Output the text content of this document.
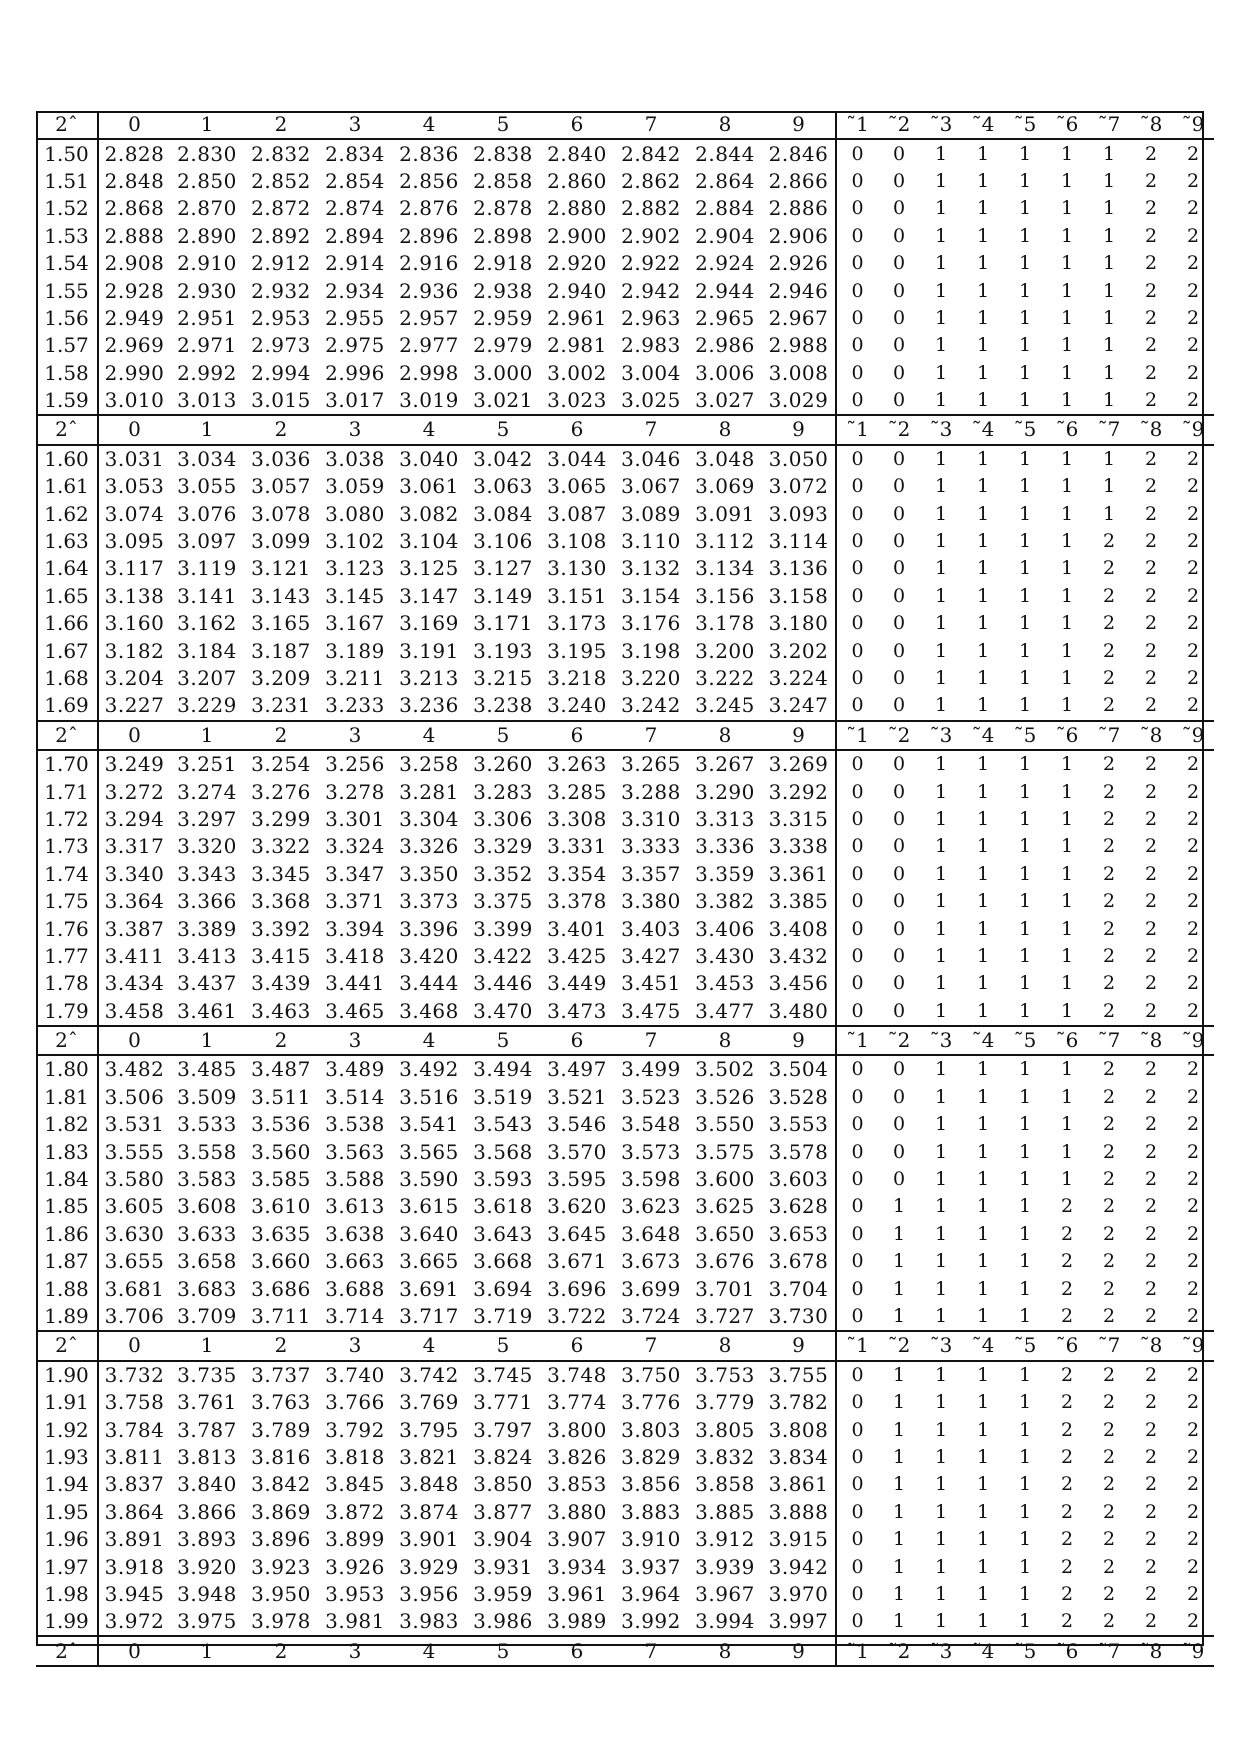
2ˆ	0	1	2	3	4	5	6	7	8	9	˜1	˜2	˜3	˜4	˜5	˜6	˜7	˜8	˜9
1.50	2.828	2.830	2.832	2.834	2.836	2.838	2.840	2.842	2.844	2.846	0	0	1	1	1	1	1	2	2
1.51	2.848	2.850	2.852	2.854	2.856	2.858	2.860	2.862	2.864	2.866	0	0	1	1	1	1	1	2	2
1.52	2.868	2.870	2.872	2.874	2.876	2.878	2.880	2.882	2.884	2.886	0	0	1	1	1	1	1	2	2
1.53	2.888	2.890	2.892	2.894	2.896	2.898	2.900	2.902	2.904	2.906	0	0	1	1	1	1	1	2	2
1.54	2.908	2.910	2.912	2.914	2.916	2.918	2.920	2.922	2.924	2.926	0	0	1	1	1	1	1	2	2
1.55	2.928	2.930	2.932	2.934	2.936	2.938	2.940	2.942	2.944	2.946	0	0	1	1	1	1	1	2	2
1.56	2.949	2.951	2.953	2.955	2.957	2.959	2.961	2.963	2.965	2.967	0	0	1	1	1	1	1	2	2
1.57	2.969	2.971	2.973	2.975	2.977	2.979	2.981	2.983	2.986	2.988	0	0	1	1	1	1	1	2	2
1.58	2.990	2.992	2.994	2.996	2.998	3.000	3.002	3.004	3.006	3.008	0	0	1	1	1	1	1	2	2
1.59	3.010	3.013	3.015	3.017	3.019	3.021	3.023	3.025	3.027	3.029	0	0	1	1	1	1	1	2	2
2ˆ	0	1	2	3	4	5	6	7	8	9	˜1	˜2	˜3	˜4	˜5	˜6	˜7	˜8	˜9
1.60	3.031	3.034	3.036	3.038	3.040	3.042	3.044	3.046	3.048	3.050	0	0	1	1	1	1	1	2	2
1.61	3.053	3.055	3.057	3.059	3.061	3.063	3.065	3.067	3.069	3.072	0	0	1	1	1	1	1	2	2
1.62	3.074	3.076	3.078	3.080	3.082	3.084	3.087	3.089	3.091	3.093	0	0	1	1	1	1	1	2	2
1.63	3.095	3.097	3.099	3.102	3.104	3.106	3.108	3.110	3.112	3.114	0	0	1	1	1	1	2	2	2
1.64	3.117	3.119	3.121	3.123	3.125	3.127	3.130	3.132	3.134	3.136	0	0	1	1	1	1	2	2	2
1.65	3.138	3.141	3.143	3.145	3.147	3.149	3.151	3.154	3.156	3.158	0	0	1	1	1	1	2	2	2
1.66	3.160	3.162	3.165	3.167	3.169	3.171	3.173	3.176	3.178	3.180	0	0	1	1	1	1	2	2	2
1.67	3.182	3.184	3.187	3.189	3.191	3.193	3.195	3.198	3.200	3.202	0	0	1	1	1	1	2	2	2
1.68	3.204	3.207	3.209	3.211	3.213	3.215	3.218	3.220	3.222	3.224	0	0	1	1	1	1	2	2	2
1.69	3.227	3.229	3.231	3.233	3.236	3.238	3.240	3.242	3.245	3.247	0	0	1	1	1	1	2	2	2
2ˆ	0	1	2	3	4	5	6	7	8	9	˜1	˜2	˜3	˜4	˜5	˜6	˜7	˜8	˜9
1.70	3.249	3.251	3.254	3.256	3.258	3.260	3.263	3.265	3.267	3.269	0	0	1	1	1	1	2	2	2
1.71	3.272	3.274	3.276	3.278	3.281	3.283	3.285	3.288	3.290	3.292	0	0	1	1	1	1	2	2	2
1.72	3.294	3.297	3.299	3.301	3.304	3.306	3.308	3.310	3.313	3.315	0	0	1	1	1	1	2	2	2
1.73	3.317	3.320	3.322	3.324	3.326	3.329	3.331	3.333	3.336	3.338	0	0	1	1	1	1	2	2	2
1.74	3.340	3.343	3.345	3.347	3.350	3.352	3.354	3.357	3.359	3.361	0	0	1	1	1	1	2	2	2
1.75	3.364	3.366	3.368	3.371	3.373	3.375	3.378	3.380	3.382	3.385	0	0	1	1	1	1	2	2	2
1.76	3.387	3.389	3.392	3.394	3.396	3.399	3.401	3.403	3.406	3.408	0	0	1	1	1	1	2	2	2
1.77	3.411	3.413	3.415	3.418	3.420	3.422	3.425	3.427	3.430	3.432	0	0	1	1	1	1	2	2	2
1.78	3.434	3.437	3.439	3.441	3.444	3.446	3.449	3.451	3.453	3.456	0	0	1	1	1	1	2	2	2
1.79	3.458	3.461	3.463	3.465	3.468	3.470	3.473	3.475	3.477	3.480	0	0	1	1	1	1	2	2	2
2ˆ	0	1	2	3	4	5	6	7	8	9	˜1	˜2	˜3	˜4	˜5	˜6	˜7	˜8	˜9
1.80	3.482	3.485	3.487	3.489	3.492	3.494	3.497	3.499	3.502	3.504	0	0	1	1	1	1	2	2	2
1.81	3.506	3.509	3.511	3.514	3.516	3.519	3.521	3.523	3.526	3.528	0	0	1	1	1	1	2	2	2
1.82	3.531	3.533	3.536	3.538	3.541	3.543	3.546	3.548	3.550	3.553	0	0	1	1	1	1	2	2	2
1.83	3.555	3.558	3.560	3.563	3.565	3.568	3.570	3.573	3.575	3.578	0	0	1	1	1	1	2	2	2
1.84	3.580	3.583	3.585	3.588	3.590	3.593	3.595	3.598	3.600	3.603	0	0	1	1	1	1	2	2	2
1.85	3.605	3.608	3.610	3.613	3.615	3.618	3.620	3.623	3.625	3.628	0	1	1	1	1	2	2	2	2
1.86	3.630	3.633	3.635	3.638	3.640	3.643	3.645	3.648	3.650	3.653	0	1	1	1	1	2	2	2	2
1.87	3.655	3.658	3.660	3.663	3.665	3.668	3.671	3.673	3.676	3.678	0	1	1	1	1	2	2	2	2
1.88	3.681	3.683	3.686	3.688	3.691	3.694	3.696	3.699	3.701	3.704	0	1	1	1	1	2	2	2	2
1.89	3.706	3.709	3.711	3.714	3.717	3.719	3.722	3.724	3.727	3.730	0	1	1	1	1	2	2	2	2
2ˆ	0	1	2	3	4	5	6	7	8	9	˜1	˜2	˜3	˜4	˜5	˜6	˜7	˜8	˜9
1.90	3.732	3.735	3.737	3.740	3.742	3.745	3.748	3.750	3.753	3.755	0	1	1	1	1	2	2	2	2
1.91	3.758	3.761	3.763	3.766	3.769	3.771	3.774	3.776	3.779	3.782	0	1	1	1	1	2	2	2	2
1.92	3.784	3.787	3.789	3.792	3.795	3.797	3.800	3.803	3.805	3.808	0	1	1	1	1	2	2	2	2
1.93	3.811	3.813	3.816	3.818	3.821	3.824	3.826	3.829	3.832	3.834	0	1	1	1	1	2	2	2	2
1.94	3.837	3.840	3.842	3.845	3.848	3.850	3.853	3.856	3.858	3.861	0	1	1	1	1	2	2	2	2
1.95	3.864	3.866	3.869	3.872	3.874	3.877	3.880	3.883	3.885	3.888	0	1	1	1	1	2	2	2	2
1.96	3.891	3.893	3.896	3.899	3.901	3.904	3.907	3.910	3.912	3.915	0	1	1	1	1	2	2	2	2
1.97	3.918	3.920	3.923	3.926	3.929	3.931	3.934	3.937	3.939	3.942	0	1	1	1	1	2	2	2	2
1.98	3.945	3.948	3.950	3.953	3.956	3.959	3.961	3.964	3.967	3.970	0	1	1	1	1	2	2	2	2
1.99	3.972	3.975	3.978	3.981	3.983	3.986	3.989	3.992	3.994	3.997	0	1	1	1	1	2	2	2	2
2ˆ	0	1	2	3	4	5	6	7	8	9	˜1	˜2	˜3	˜4	˜5	˜6	˜7	˜8	˜9
